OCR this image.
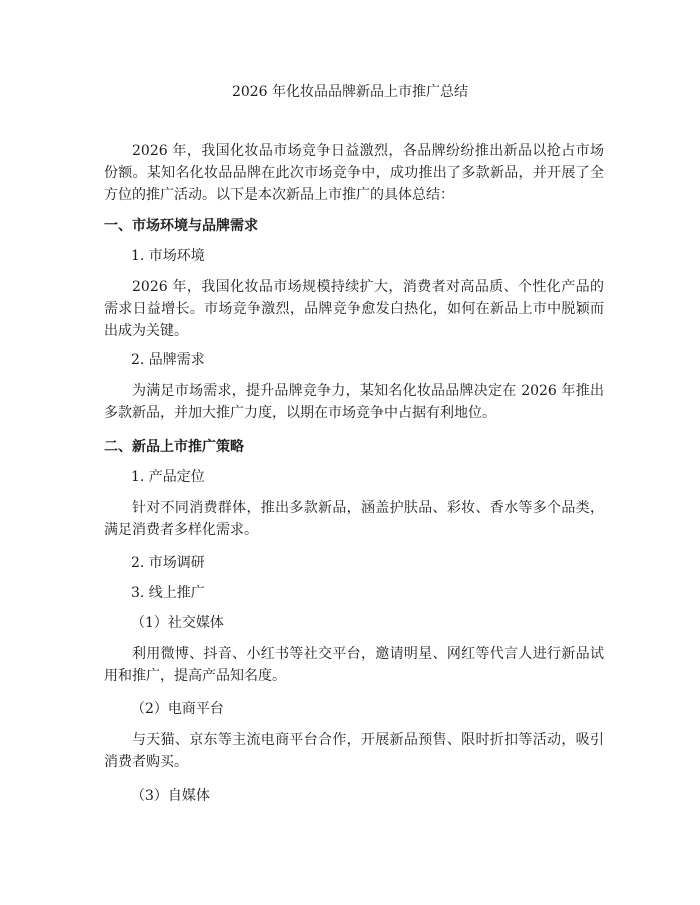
2026 年化妆品品牌新品上市推广总结
2026 年，我国化妆品市场竞争日益激烈，各品牌纷纷推出新品以抢占市场份额。某知名化妆品品牌在此次市场竞争中，成功推出了多款新品，并开展了全方位的推广活动。以下是本次新品上市推广的具体总结：
一、市场环境与品牌需求
1. 市场环境
2026 年，我国化妆品市场规模持续扩大，消费者对高品质、个性化产品的需求日益增长。市场竞争激烈，品牌竞争愈发白热化，如何在新品上市中脱颖而出成为关键。
2. 品牌需求
为满足市场需求，提升品牌竞争力，某知名化妆品品牌决定在 2026 年推出多款新品，并加大推广力度，以期在市场竞争中占据有利地位。
二、新品上市推广策略
1. 产品定位
针对不同消费群体，推出多款新品，涵盖护肤品、彩妆、香水等多个品类，满足消费者多样化需求。
2. 市场调研
3. 线上推广
（1）社交媒体
利用微博、抖音、小红书等社交平台，邀请明星、网红等代言人进行新品试用和推广，提高产品知名度。
（2）电商平台
与天猫、京东等主流电商平台合作，开展新品预售、限时折扣等活动，吸引消费者购买。
（3）自媒体
